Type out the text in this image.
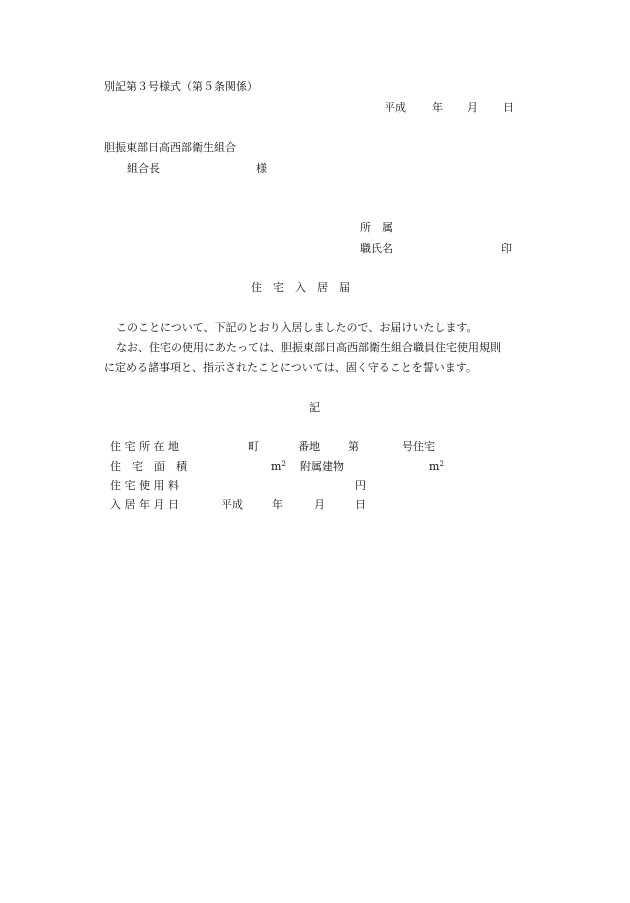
別記第３号様式（第５条関係）
平成 年 月 日
胆振東部日高西部衛生組合
組合長	様
所　属
職氏名	印
住　宅　入　居　届
このことについて、下記のとおり入居しましたので、お届けいたします。
なお、住宅の使用にあたっては、胆振東部日高西部衛生組合職員住宅使用規則
に定める諸事項と、指示されたことについては、固く守ることを誓います。
記
住 宅 所 在 地	町	番地	第	号住宅
住　宅　面　積	$m^2$ 附属建物	$m^2$
住 宅 使 用 料	円
入 居 年 月 日	平成	年	月	日
